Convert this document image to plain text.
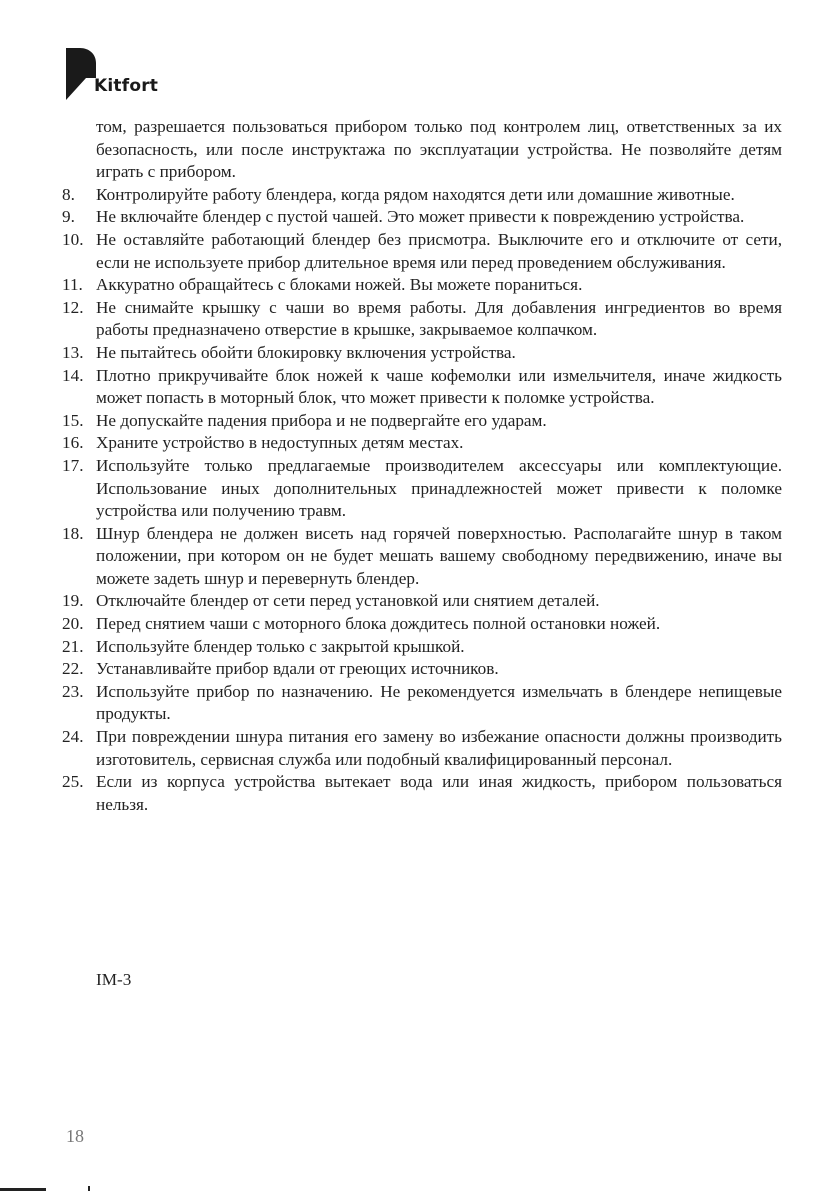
Kitfort
том, разрешается пользоваться прибором только под контролем лиц, ответственных за их безопасность, или после инструктажа по эксплуатации устройства. Не позволяйте детям играть с прибором.
8.	Контролируйте работу блендера, когда рядом находятся дети или домашние животные.
9.	Не включайте блендер с пустой чашей. Это может привести к повреждению устройства.
10. Не оставляйте работающий блендер без присмотра. Выключите его и отключите от сети, если не используете прибор длительное время или перед проведением обслуживания.
11. Аккуратно обращайтесь с блоками ножей. Вы можете пораниться.
12. Не снимайте крышку с чаши во время работы. Для добавления ингредиентов во время работы предназначено отверстие в крышке, закрываемое колпачком.
13. Не пытайтесь обойти блокировку включения устройства.
14. Плотно прикручивайте блок ножей к чаше кофемолки или измельчителя, иначе жидкость может попасть в моторный блок, что может привести к поломке устройства.
15. Не допускайте падения прибора и не подвергайте его ударам.
16. Храните устройство в недоступных детям местах.
17. Используйте только предлагаемые производителем аксессуары или комплектующие. Использование иных дополнительных принадлежностей может привести к поломке устройства или получению травм.
18. Шнур блендера не должен висеть над горячей поверхностью. Располагайте шнур в таком положении, при котором он не будет мешать вашему свободному передвижению, иначе вы можете задеть шнур и перевернуть блендер.
19. Отключайте блендер от сети перед установкой или снятием деталей.
20. Перед снятием чаши с моторного блока дождитесь полной остановки ножей.
21. Используйте блендер только с закрытой крышкой.
22. Устанавливайте прибор вдали от греющих источников.
23. Используйте прибор по назначению. Не рекомендуется измельчать в блендере непищевые продукты.
24. При повреждении шнура питания его замену во избежание опасности должны производить изготовитель, сервисная служба или подобный квалифицированный персонал.
25. Если из корпуса устройства вытекает вода или иная жидкость, прибором пользоваться нельзя.
IM-3
18
